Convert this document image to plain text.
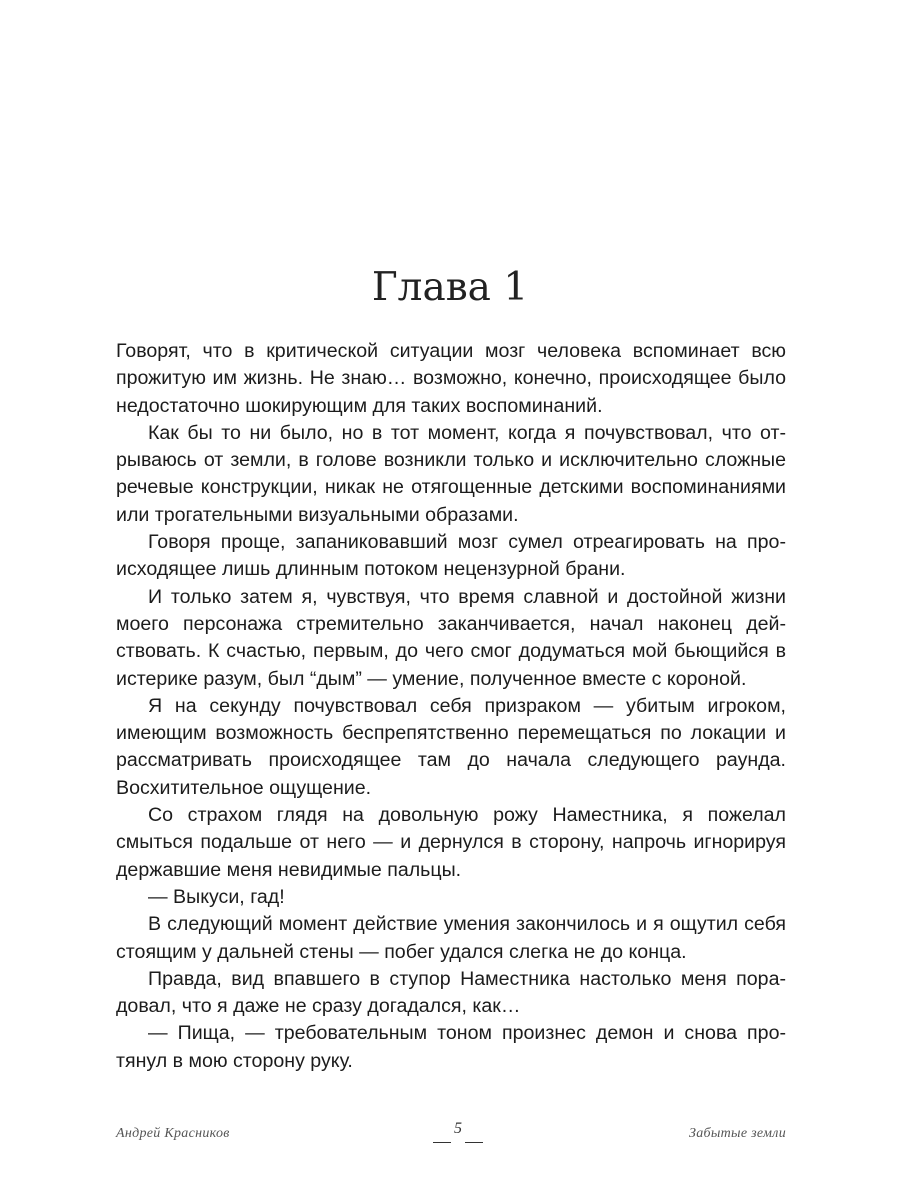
Глава 1

Говорят, что в критической ситуации мозг человека вспоминает всю прожитую им жизнь. Не знаю… возможно, конечно, происходящее было недостаточно шокирующим для таких воспоминаний.

Как бы то ни было, но в тот момент, когда я почувствовал, что отрываюсь от земли, в голове возникли только и исключительно сложные речевые конструкции, никак не отягощенные детскими воспоминаниями или трогательными визуальными образами.

Говоря проще, запаниковавший мозг сумел отреагировать на происходящее лишь длинным потоком нецензурной брани.

И только затем я, чувствуя, что время славной и достойной жизни моего персонажа стремительно заканчивается, начал наконец действовать. К счастью, первым, до чего смог додуматься мой бьющийся в истерике разум, был “дым” — умение, полученное вместе с короной.

Я на секунду почувствовал себя призраком — убитым игроком, имеющим возможность беспрепятственно перемещаться по локации и рассматривать происходящее там до начала следующего раунда. Восхитительное ощущение.

Со страхом глядя на довольную рожу Наместника, я пожелал смыться подальше от него — и дернулся в сторону, напрочь игнорируя державшие меня невидимые пальцы.

— Выкуси, гад!

В следующий момент действие умения закончилось и я ощутил себя стоящим у дальней стены — побег удался слегка не до конца.

Правда, вид впавшего в ступор Наместника настолько меня порадовал, что я даже не сразу догадался, как…

— Пища, — требовательным тоном произнес демон и снова протянул в мою сторону руку.

Андрей Красников	5	Забытые земли
